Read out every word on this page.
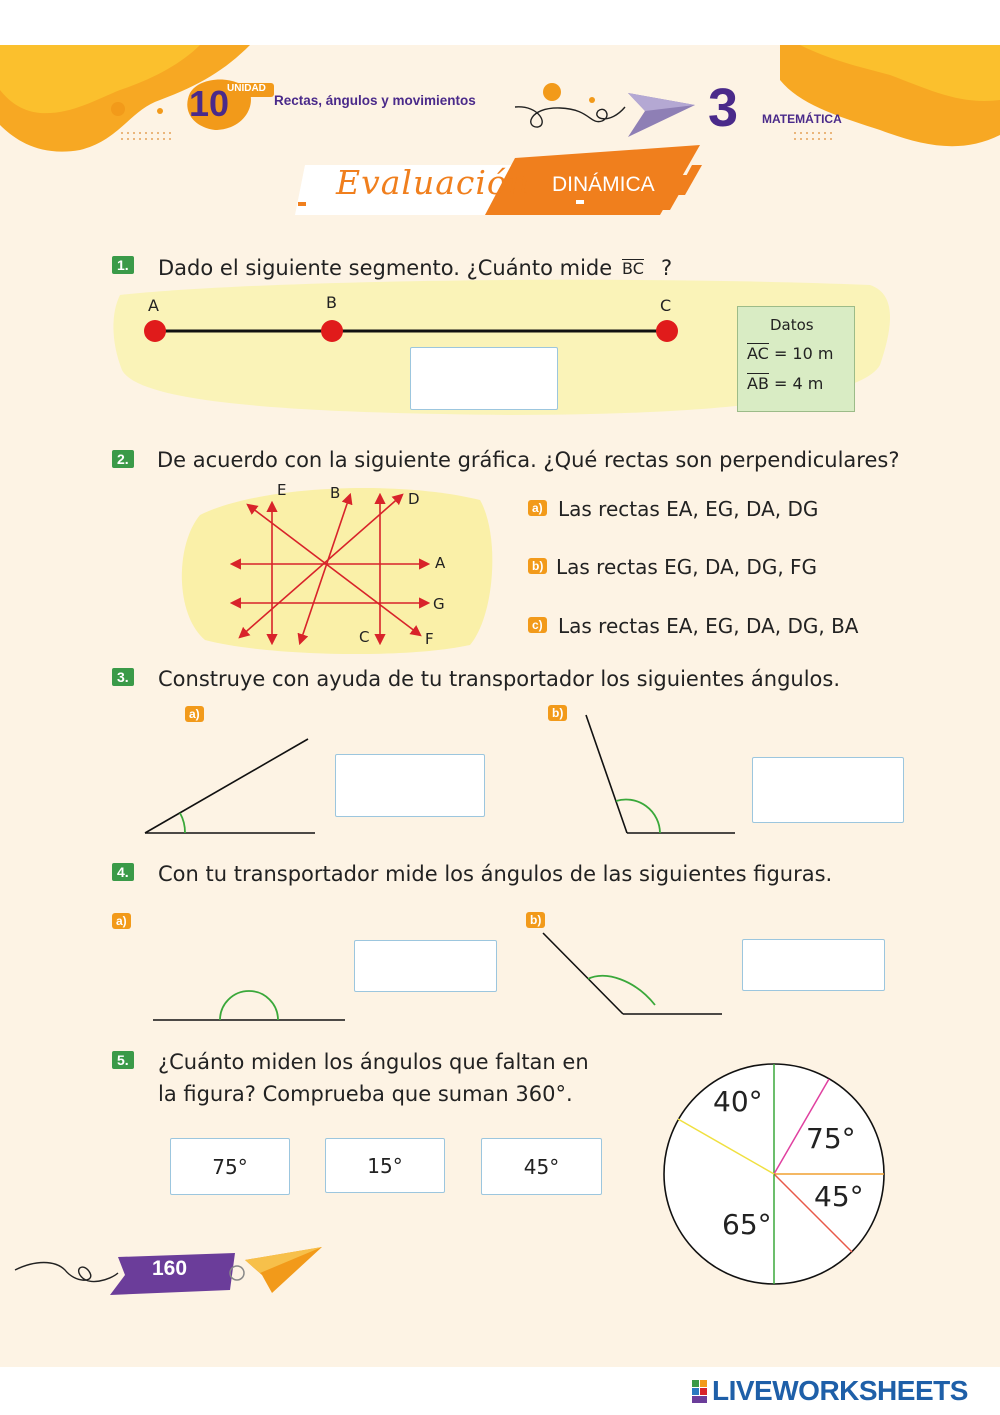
UNIDAD
10	Rectas, ángulos y movimientos	3 MATEMÁTICA
Evaluación DINÁMICA
1. Dado el siguiente segmento. ¿Cuánto mide BC ?
A	B	C
Datos
AC = 10 m
AB = 4 m
2. De acuerdo con la siguiente gráfica. ¿Qué rectas son perpendiculares?
E	B	D
A
G
C	F
a) Las rectas EA, EG, DA, DG
b) Las rectas EG, DA, DG, FG
c) Las rectas EA, EG, DA, DG, BA
3. Construye con ayuda de tu transportador los siguientes ángulos.
a)	b)
4. Con tu transportador mide los ángulos de las siguientes figuras.
a)	b)
5. ¿Cuánto miden los ángulos que faltan en
la figura? Comprueba que suman 360°.
75°	15°	45°
40°
75°
45°
65°
160
LIVEWORKSHEETS
